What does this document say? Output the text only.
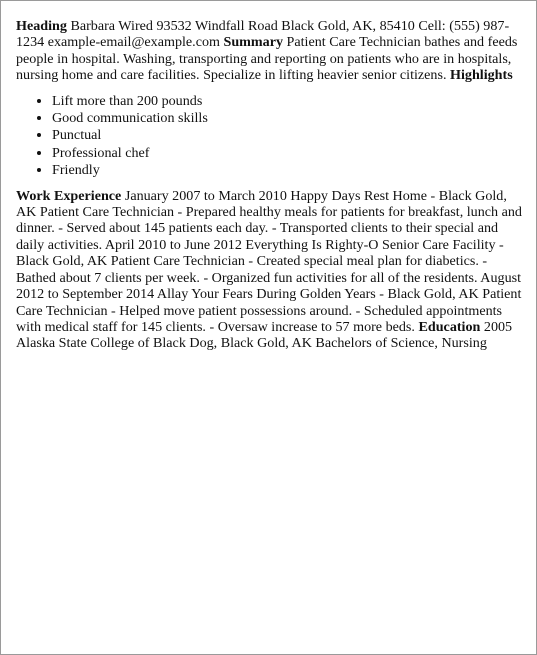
Heading Barbara Wired 93532 Windfall Road Black Gold, AK, 85410 Cell: (555) 987-1234 example-email@example.com Summary Patient Care Technician bathes and feeds people in hospital. Washing, transporting and reporting on patients who are in hospitals, nursing home and care facilities. Specialize in lifting heavier senior citizens. Highlights

• Lift more than 200 pounds
• Good communication skills
• Punctual
• Professional chef
• Friendly

Work Experience January 2007 to March 2010 Happy Days Rest Home - Black Gold, AK Patient Care Technician - Prepared healthy meals for patients for breakfast, lunch and dinner. - Served about 145 patients each day. - Transported clients to their special and daily activities. April 2010 to June 2012 Everything Is Righty-O Senior Care Facility - Black Gold, AK Patient Care Technician - Created special meal plan for diabetics. - Bathed about 7 clients per week. - Organized fun activities for all of the residents. August 2012 to September 2014 Allay Your Fears During Golden Years - Black Gold, AK Patient Care Technician - Helped move patient possessions around. - Scheduled appointments with medical staff for 145 clients. - Oversaw increase to 57 more beds. Education 2005 Alaska State College of Black Dog, Black Gold, AK Bachelors of Science, Nursing
